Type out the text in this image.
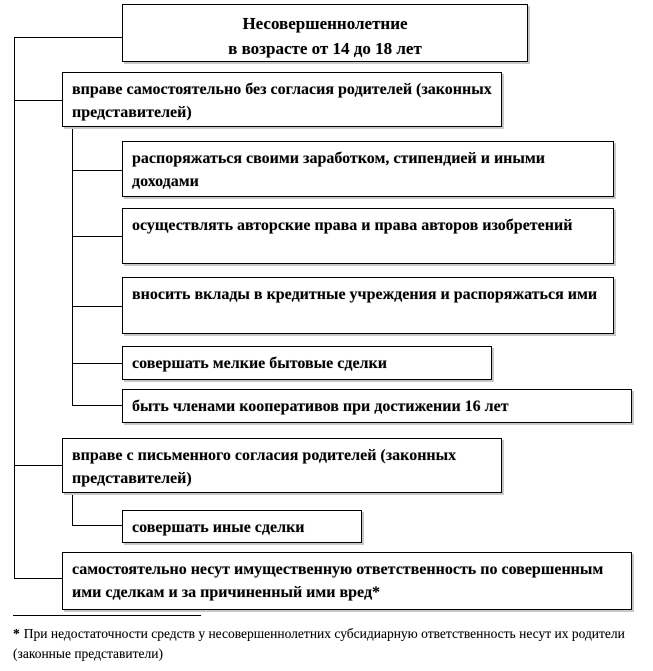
Несовершеннолетние
в возрасте от 14 до 18 лет
вправе самостоятельно без согласия родителей (законных представителей)
распоряжаться своими заработком, стипендией и иными доходами
осуществлять авторские права и права авторов изобретений
вносить вклады в кредитные учреждения и распоряжаться ими
совершать мелкие бытовые сделки
быть членами кооперативов при достижении 16 лет
вправе с письменного согласия родителей (законных представителей)
совершать иные сделки
самостоятельно несут имущественную ответственность по совершенным ими сделкам и за причиненный ими вред*
* При недостаточности средств у несовершеннолетних субсидиарную ответственность несут их родители (законные представители)
